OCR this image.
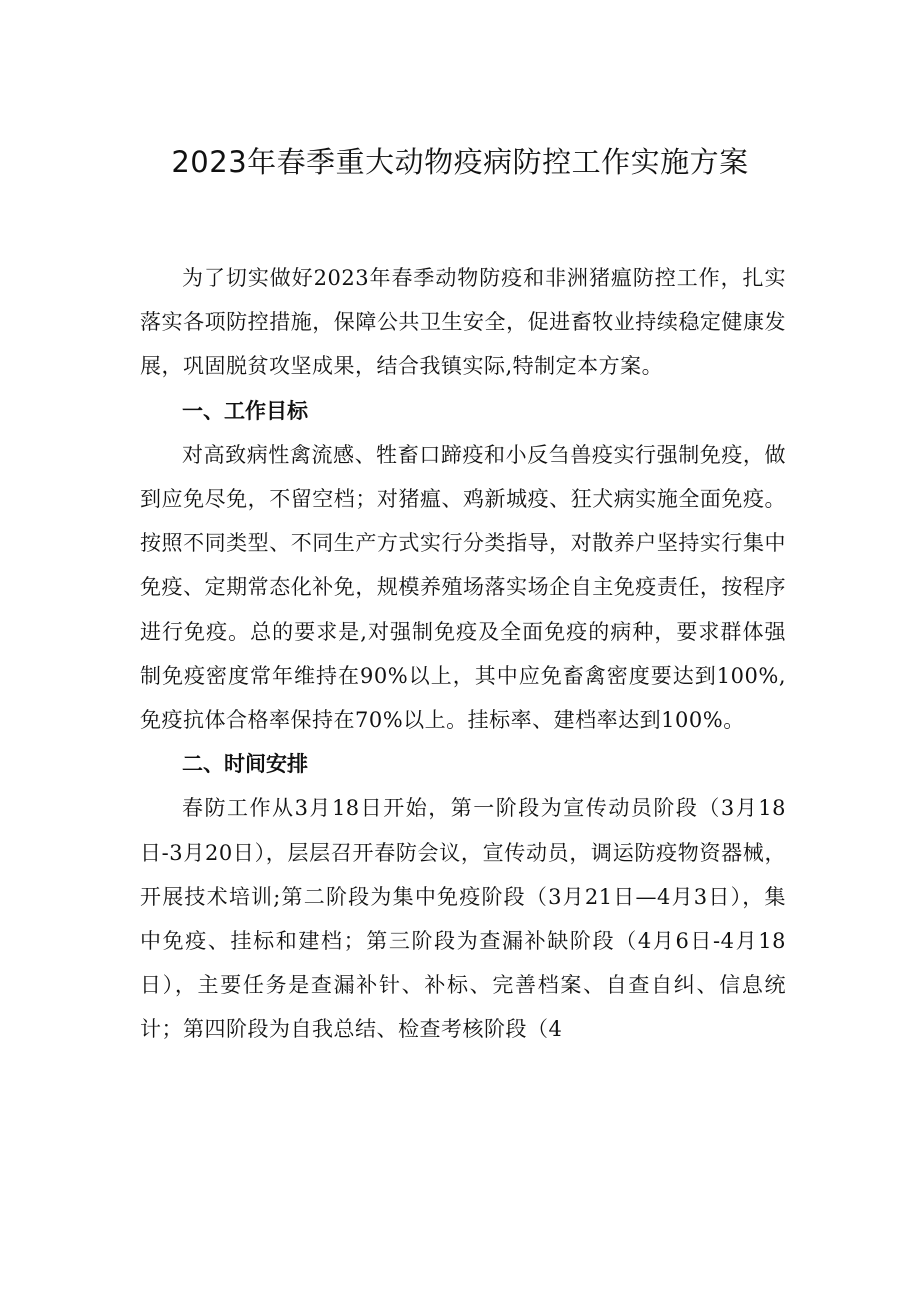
2023年春季重大动物疫病防控工作实施方案

为了切实做好2023年春季动物防疫和非洲猪瘟防控工作，扎实落实各项防控措施，保障公共卫生安全，促进畜牧业持续稳定健康发展，巩固脱贫攻坚成果，结合我镇实际,特制定本方案。

一、工作目标

对高致病性禽流感、牲畜口蹄疫和小反刍兽疫实行强制免疫，做到应免尽免，不留空档；对猪瘟、鸡新城疫、狂犬病实施全面免疫。按照不同类型、不同生产方式实行分类指导，对散养户坚持实行集中免疫、定期常态化补免，规模养殖场落实场企自主免疫责任，按程序进行免疫。总的要求是,对强制免疫及全面免疫的病种，要求群体强制免疫密度常年维持在90%以上，其中应免畜禽密度要达到100%,免疫抗体合格率保持在70%以上。挂标率、建档率达到100%。

二、时间安排

春防工作从3月18日开始，第一阶段为宣传动员阶段（3月18日-3月20日），层层召开春防会议，宣传动员，调运防疫物资器械，开展技术培训;第二阶段为集中免疫阶段（3月21日—4月3日），集中免疫、挂标和建档；第三阶段为查漏补缺阶段（4月6日-4月18日），主要任务是查漏补针、补标、完善档案、自查自纠、信息统计；第四阶段为自我总结、检查考核阶段（4
